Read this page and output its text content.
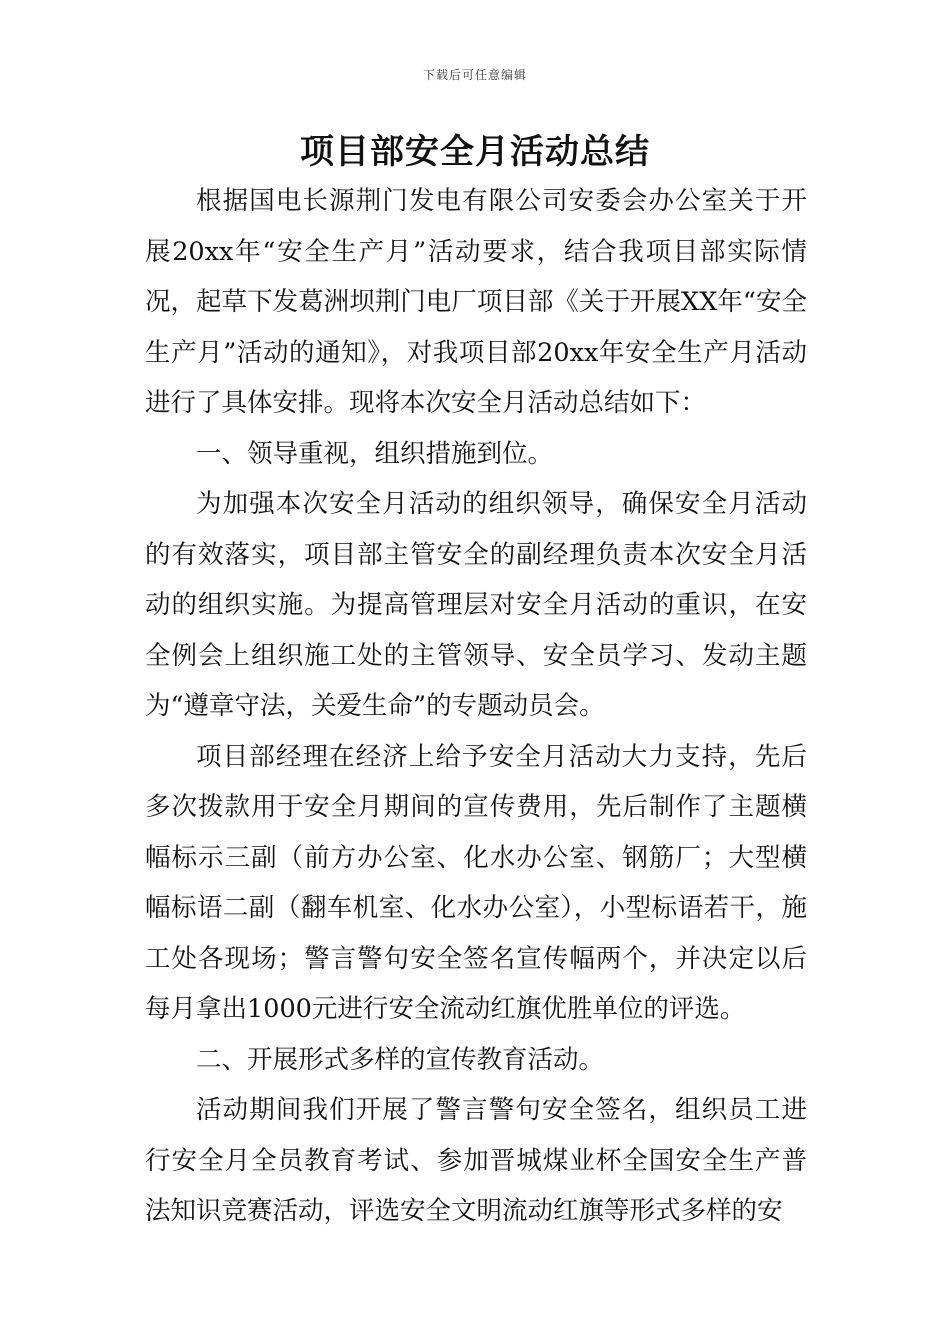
下载后可任意编辑
项目部安全月活动总结

根据国电长源荆门发电有限公司安委会办公室关于开展20xx年“安全生产月”活动要求，结合我项目部实际情况，起草下发葛洲坝荆门电厂项目部《关于开展XX年“安全生产月”活动的通知》，对我项目部20xx年安全生产月活动进行了具体安排。现将本次安全月活动总结如下：

一、领导重视，组织措施到位。

为加强本次安全月活动的组织领导，确保安全月活动的有效落实，项目部主管安全的副经理负责本次安全月活动的组织实施。为提高管理层对安全月活动的重识，在安全例会上组织施工处的主管领导、安全员学习、发动主题为“遵章守法，关爱生命”的专题动员会。

项目部经理在经济上给予安全月活动大力支持，先后多次拨款用于安全月期间的宣传费用，先后制作了主题横幅标示三副（前方办公室、化水办公室、钢筋厂；大型横幅标语二副（翻车机室、化水办公室），小型标语若干，施工处各现场；警言警句安全签名宣传幅两个，并决定以后每月拿出1000元进行安全流动红旗优胜单位的评选。

二、开展形式多样的宣传教育活动。

活动期间我们开展了警言警句安全签名，组织员工进行安全月全员教育考试、参加晋城煤业杯全国安全生产普法知识竞赛活动，评选安全文明流动红旗等形式多样的安
